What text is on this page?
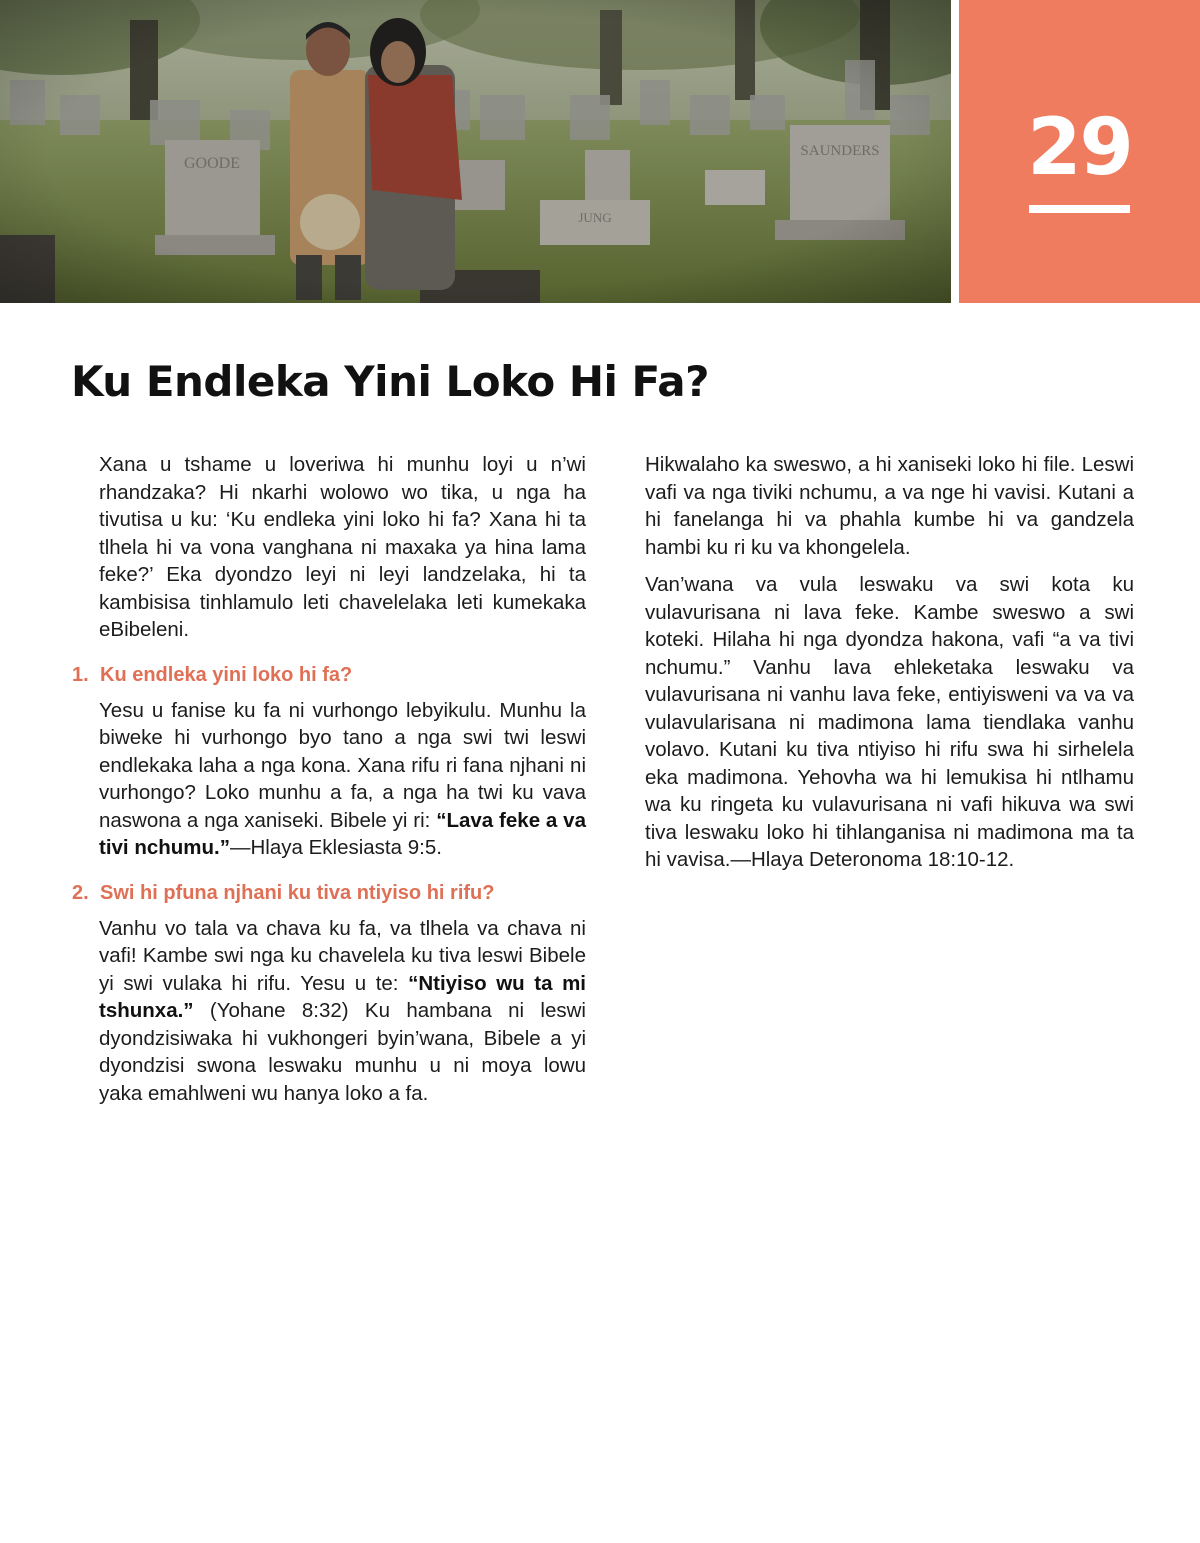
29
Ku Endleka Yini Loko Hi Fa?

Xana u tshame u loveriwa hi munhu loyi u n’wi rhandzaka? Hi nkarhi wolowo wo tika, u nga ha tivutisa u ku: ‘Ku endleka yini loko hi fa? Xana hi ta tlhela hi va vona vanghana ni maxaka ya hina lama feke?’ Eka dyondzo leyi ni leyi landzelaka, hi ta kambisisa tinhlamulo leti chavelelaka leti kumekaka eBibeleni.

1. Ku endleka yini loko hi fa?

Yesu u fanise ku fa ni vurhongo lebyikulu. Munhu la biweke hi vurhongo byo tano a nga swi twi leswi endlekaka laha a nga kona. Xana rifu ri fana njhani ni vurhongo? Loko munhu a fa, a nga ha twi ku vava naswona a nga xaniseki. Bibele yi ri: “Lava feke a va tivi nchumu.”—Hlaya Eklesiasta 9:5.

2. Swi hi pfuna njhani ku tiva ntiyiso hi rifu?

Vanhu vo tala va chava ku fa, va tlhela va chava ni vafi! Kambe swi nga ku chavelela ku tiva leswi Bibele yi swi vulaka hi rifu. Yesu u te: “Ntiyiso wu ta mi tshunxa.” (Yohane 8:32) Ku hambana ni leswi dyondzisiwaka hi vukhongeri byin’wana, Bibele a yi dyondzisi swona leswaku munhu u ni moya lowu yaka emahlweni wu hanya loko a fa.

Hikwalaho ka sweswo, a hi xaniseki loko hi file. Leswi vafi va nga tiviki nchumu, a va nge hi vavisi. Kutani a hi fanelanga hi va phahla kumbe hi va gandzela hambi ku ri ku va khongelela.

Van’wana va vula leswaku va swi kota ku vulavurisana ni lava feke. Kambe sweswo a swi koteki. Hilaha hi nga dyondza hakona, vafi “a va tivi nchumu.” Vanhu lava ehleketaka leswaku va vulavurisana ni vanhu lava feke, entiyisweni va va va vulavularisana ni madimona lama tiendlaka vanhu volavo. Kutani ku tiva ntiyiso hi rifu swa hi sirhelela eka madimona. Yehovha wa hi lemukisa hi ntlhamu wa ku ringeta ku vulavurisana ni vafi hikuva wa swi tiva leswaku loko hi tihlanganisa ni madimona ma ta hi vavisa.—Hlaya Deteronoma 18:10-12.
